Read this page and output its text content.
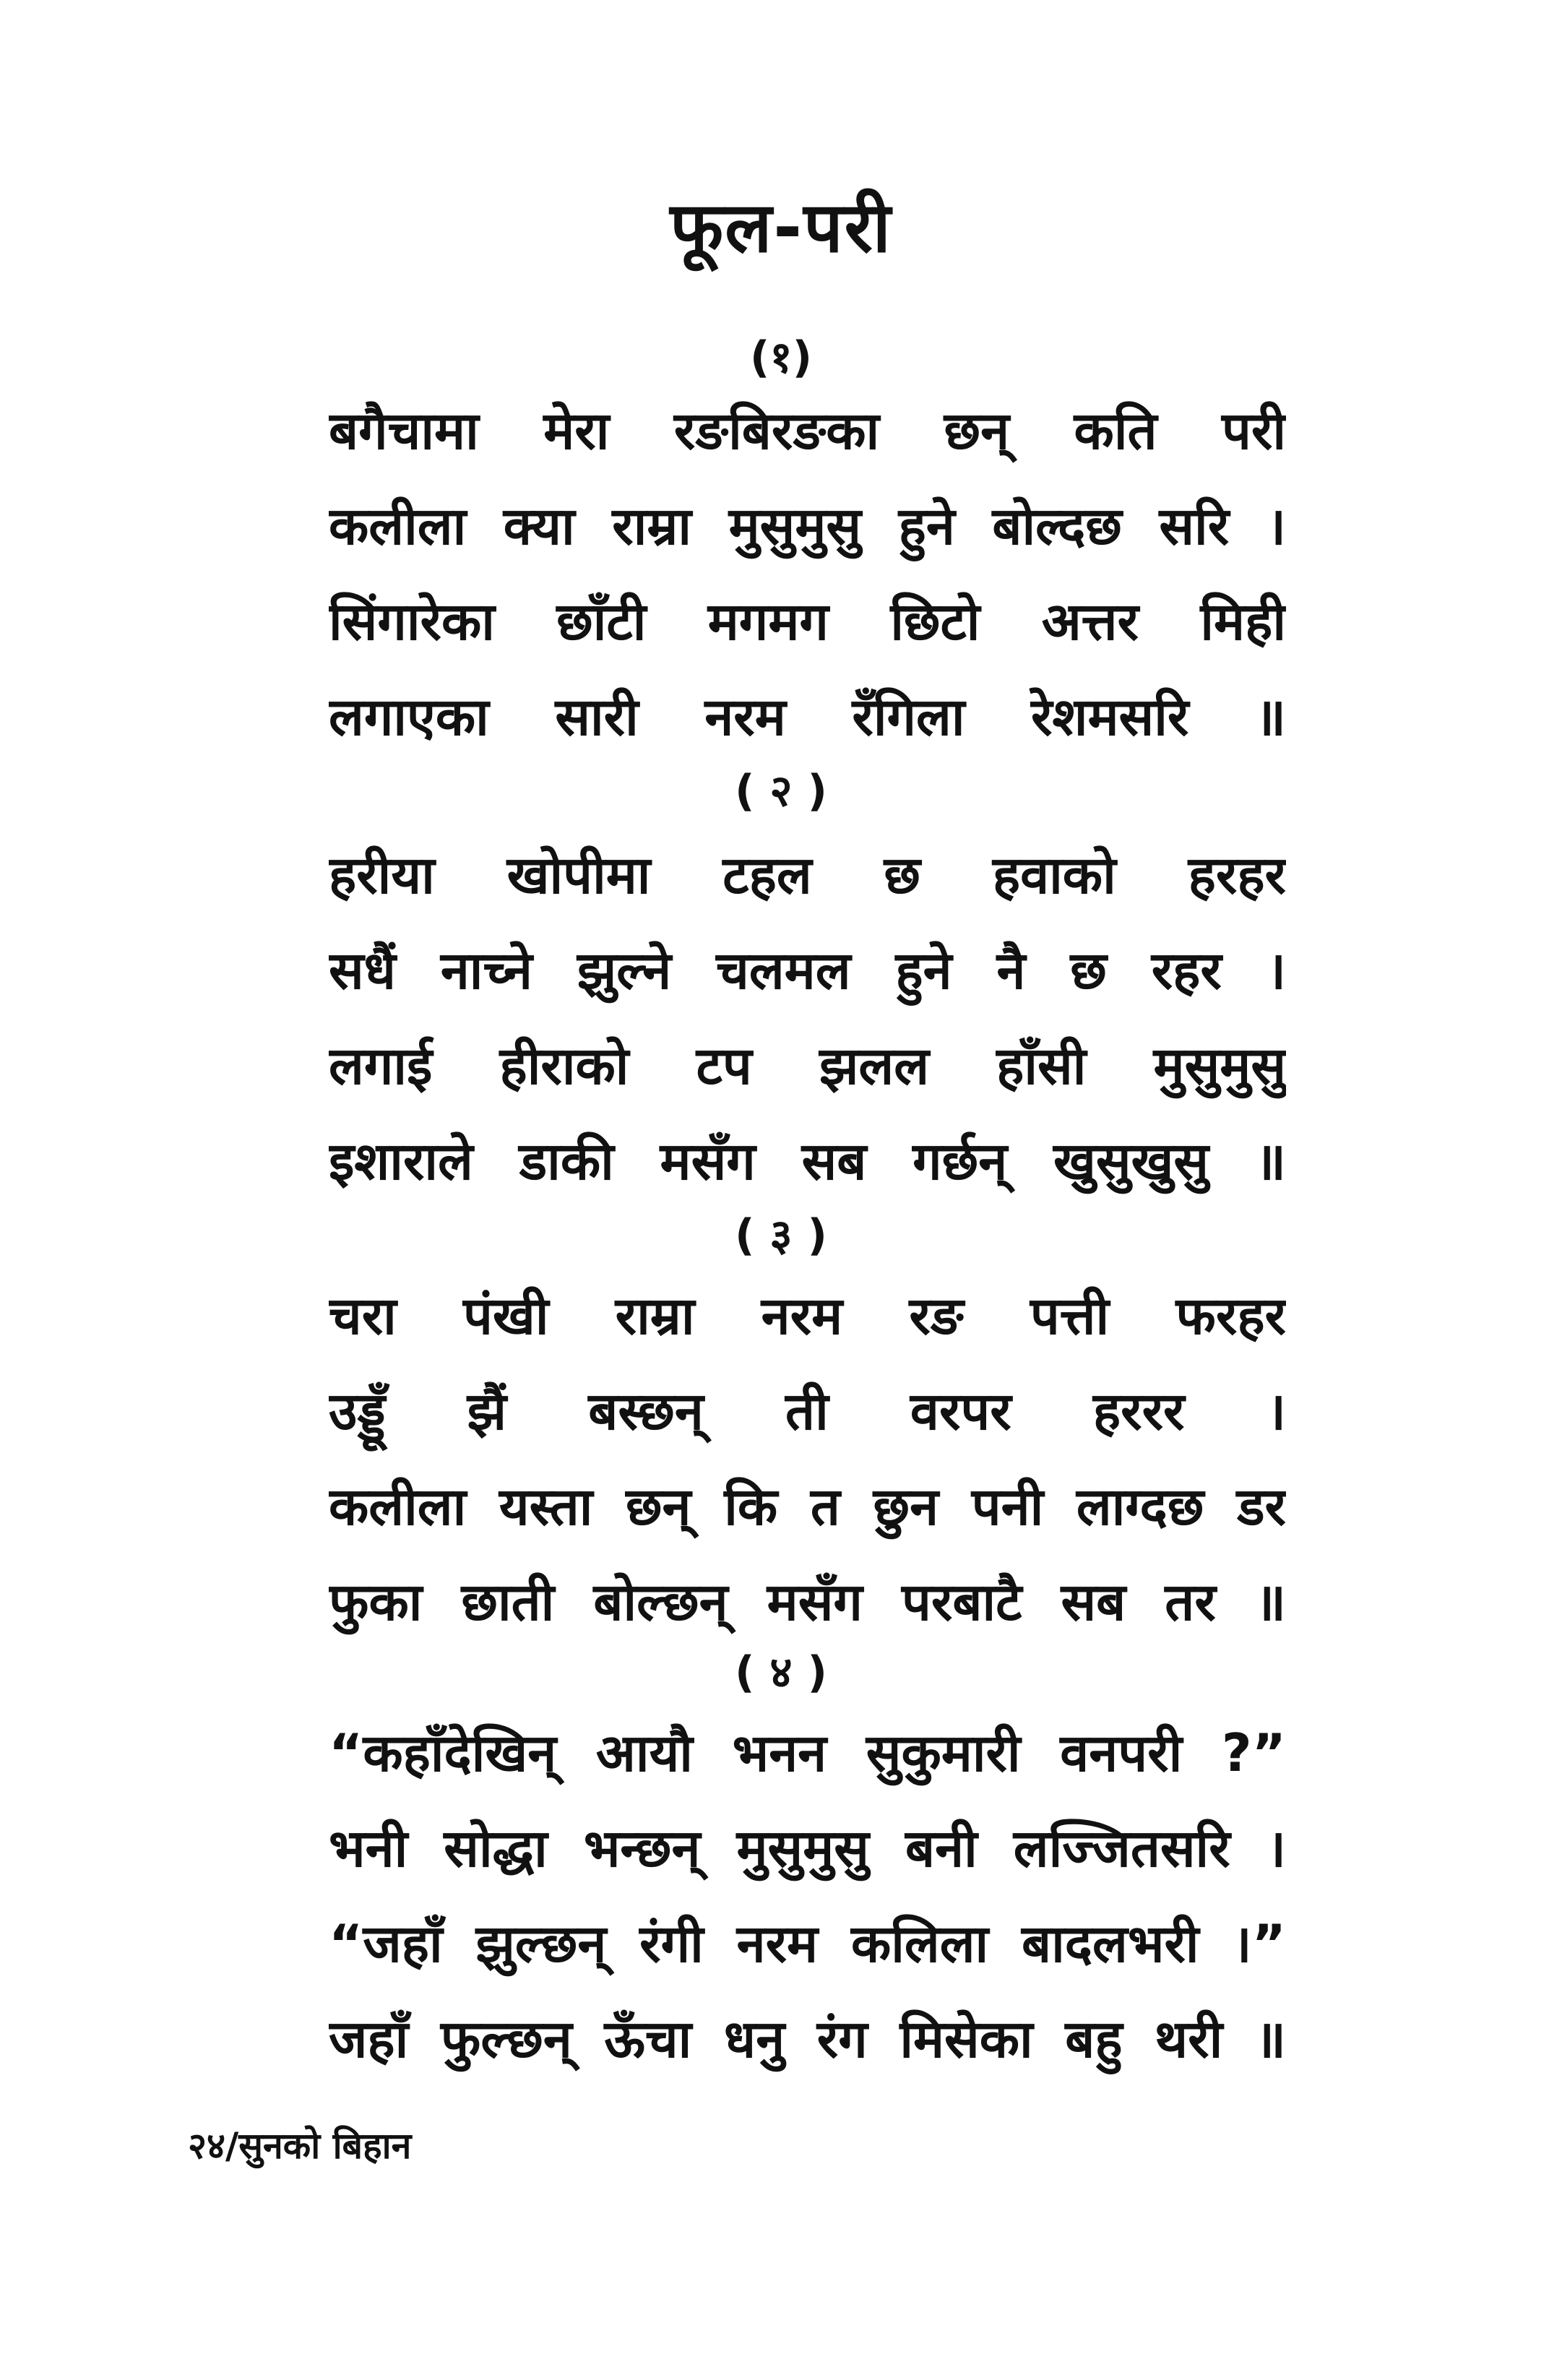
फूल-परी
(१)
बगैचामा मेरा रङबिरङका छन् कति परी
कलीला क्या राम्रा मुसुमुसु हुने बोल्दछ सरि ।
सिंगारेका छाँटी मगमग छिटो अत्तर मिही
लगाएका सारी नरम रँगिला रेशमसरि ॥
( २ )
हरीया खोपीमा टहल छ हवाको हरहर
सधैं नाच्ने झुल्ने चलमल हुने नै छ रहर ।
लगाई हीराको टप झलल हाँसी मुसुमुसु
इशाराले डाकी मसँग सब गर्छन् खुसुखुसु ॥
( ३ )
चरा पंखी राम्रा नरम रङ पत्ती फरहर
उड्डूँ झैं बस्छन् ती वरपर हररर ।
कलीला यस्ता छन् कि त छुन पनी लाग्दछ डर
फुका छाती बोल्छन् मसँग परबाटै सब तर ॥
( ४ )
“कहाँदेखिन् आयौ भनन सुकुमारी वनपरी ?”
भनी सोद्धा भन्छन् मुसुमुसु बनी लज्जितसरि ।
“जहाँ झुल्छन् रंगी नरम कलिला बादलभरी ।”
जहाँ फुल्छन् ऊँचा धनु रंग मिसेका बहु थरी ॥
२४/सुनको बिहान
